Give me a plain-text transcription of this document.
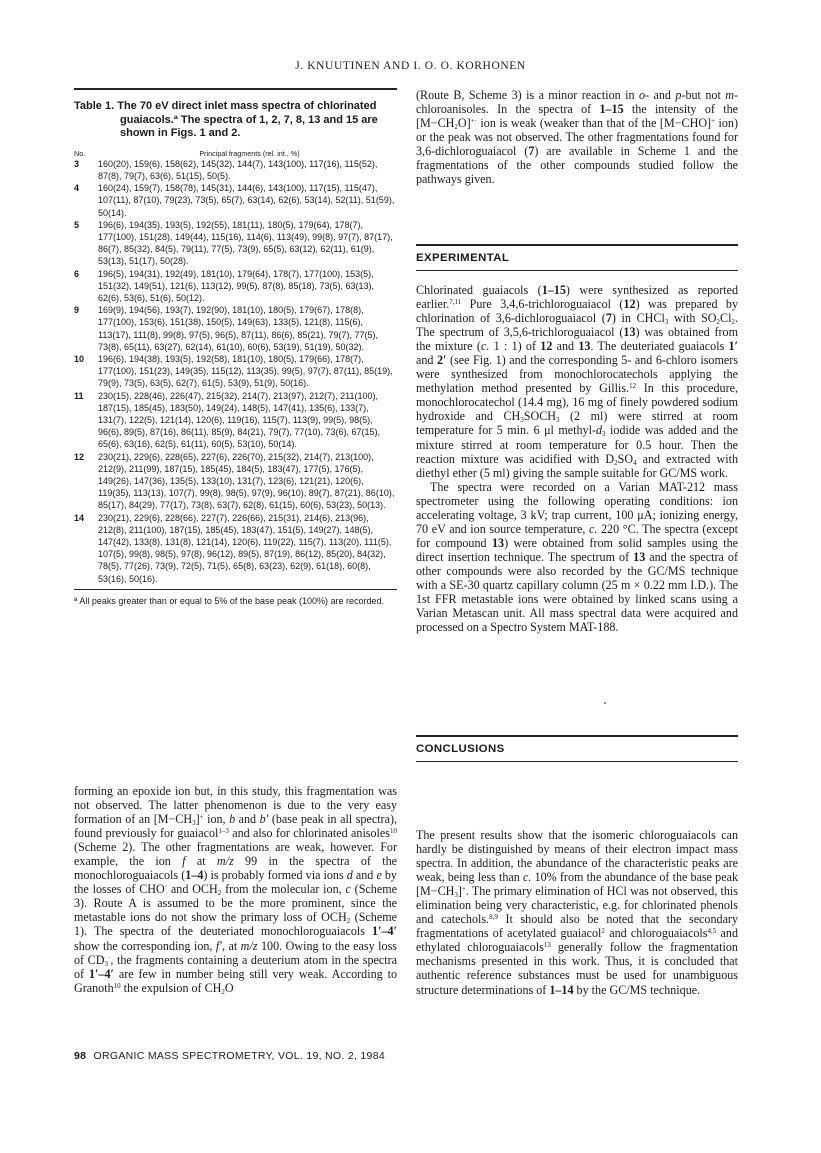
J. KNUUTINEN AND I. O. O. KORHONEN
Table 1. The 70 eV direct inlet mass spectra of chlorinated guaiacols.ª The spectra of 1, 2, 7, 8, 13 and 15 are shown in Figs. 1 and 2.
No.	Principal fragments (rel. int., %)
3	160(20), 159(6), 158(62), 145(32), 144(7), 143(100), 117(16), 115(52), 87(8), 79(7), 63(6), 51(15), 50(5).
4	160(24), 159(7), 158(78), 145(31), 144(6), 143(100), 117(15), 115(47), 107(11), 87(10), 79(23), 73(5), 65(7), 63(14), 62(6), 53(14), 52(11), 51(59), 50(14).
5	196(6), 194(35), 193(5), 192(55), 181(11), 180(5), 179(64), 178(7), 177(100), 151(28), 149(44), 115(16), 114(6), 113(49), 99(8), 97(7), 87(17), 86(7), 85(32), 84(5), 79(11), 77(5), 73(9), 65(5), 63(12), 62(11), 61(9), 53(13), 51(17), 50(28).
6	196(5), 194(31), 192(49), 181(10), 179(64), 178(7), 177(100), 153(5), 151(32), 149(51), 121(6), 113(12), 99(5), 87(8), 85(18), 73(5), 63(13), 62(6), 53(6), 51(6), 50(12).
9	169(9), 194(56), 193(7), 192(90), 181(10), 180(5), 179(67), 178(8), 177(100), 153(6), 151(38), 150(5), 149(63), 133(5), 121(8), 115(6), 113(17), 111(8), 99(8), 97(5), 96(5), 87(11), 86(6), 85(21), 79(7), 77(5), 73(8), 65(11), 63(27), 62(14), 61(10), 60(6), 53(19), 51(19), 50(32).
10	196(6), 194(38), 193(5), 192(58), 181(10), 180(5), 179(66), 178(7), 177(100), 151(23), 149(35), 115(12), 113(35), 99(5), 97(7), 87(11), 85(19), 79(9), 73(5), 63(5), 62(7), 61(5), 53(9), 51(9), 50(16).
11	230(15), 228(46), 226(47), 215(32), 214(7), 213(97), 212(7), 211(100), 187(15), 185(45), 183(50), 149(24), 148(5), 147(41), 135(6), 133(7), 131(7), 122(5), 121(14), 120(6), 119(16), 115(7), 113(9), 99(5), 98(5), 96(6), 89(5), 87(16), 86(11), 85(9), 84(21), 79(7), 77(10), 73(6), 67(15), 65(6), 63(16), 62(5), 61(11), 60(5), 53(10), 50(14).
12	230(21), 229(6), 228(65), 227(6), 226(70), 215(32), 214(7), 213(100), 212(9), 211(99), 187(15), 185(45), 184(5), 183(47), 177(5), 176(5), 149(26), 147(36), 135(5), 133(10), 131(7), 123(6), 121(21), 120(6), 119(35), 113(13), 107(7), 99(8), 98(5), 97(9), 96(10), 89(7), 87(21), 86(10), 85(17), 84(29), 77(17), 73(8), 63(7), 62(8), 61(15), 60(6), 53(23), 50(13).
14	230(21), 229(6), 228(66), 227(7), 226(66), 215(31), 214(6), 213(96), 212(8), 211(100), 187(15), 185(45), 183(47), 151(5), 149(27), 148(5), 147(42), 133(8), 131(8), 121(14), 120(6), 119(22), 115(7), 113(20), 111(5), 107(5), 99(8), 98(5), 97(8), 96(12), 89(5), 87(19), 86(12), 85(20), 84(32), 78(5), 77(26), 73(9), 72(5), 71(5), 65(8), 63(23), 62(9), 61(18), 60(8), 53(16), 50(16).
ª All peaks greater than or equal to 5% of the base peak (100%) are recorded.

(Route B, Scheme 3) is a minor reaction in o- and p-but not m-chloroanisoles. In the spectra of 1–15 the intensity of the $[M-CH_2O]^{+\cdot}$ ion is weak (weaker than that of the [M−CHO]+ ion) or the peak was not observed. The other fragmentations found for 3,6-dichloroguaiacol (7) are available in Scheme 1 and the fragmentations of the other compounds studied follow the pathways given.

EXPERIMENTAL

Chlorinated guaiacols (1–15) were synthesized as reported earlier.$^{7,11}$ Pure 3,4,6-trichloroguaiacol (12) was prepared by chlorination of 3,6-dichloroguaiacol (7) in CHCl$_3$ with $SO_2Cl_2$. The spectrum of 3,5,6-trichloroguaiacol (13) was obtained from the mixture (c. 1 : 1) of 12 and 13. The deuteriated guaiacols 1′ and 2′ (see Fig. 1) and the corresponding 5- and 6-chloro isomers were synthesized from monochlorocatechols applying the methylation method presented by Gillis.$^{12}$ In this procedure, monochlorocatechol (14.4 mg), 16 mg of finely powdered sodium hydroxide and $CH_3SOCH_3$ (2 ml) were stirred at room temperature for 5 min. 6 μl methyl-$d_3$ iodide was added and the mixture stirred at room temperature for 0.5 hour. Then the reaction mixture was acidified with $D_2SO_4$ and extracted with diethyl ether (5 ml) giving the sample suitable for GC/MS work.

The spectra were recorded on a Varian MAT-212 mass spectrometer using the following operating conditions: ion accelerating voltage, 3 kV; trap current, 100 μA; ionizing energy, 70 eV and ion source temperature, c. 220 °C. The spectra (except for compound 13) were obtained from solid samples using the direct insertion technique. The spectrum of 13 and the spectra of other compounds were also recorded by the GC/MS technique with a SE-30 quartz capillary column (25 m × 0.22 mm I.D.). The 1st FFR metastable ions were obtained by linked scans using a Varian Metascan unit. All mass spectral data were acquired and processed on a Spectro System MAT-188.

CONCLUSIONS

The present results show that the isomeric chloroguaiacols can hardly be distinguished by means of their electron impact mass spectra. In addition, the abundance of the characteristic peaks are weak, being less than c. 10% from the abundance of the base peak $[M-CH_3]^+$. The primary elimination of HCl was not observed, this elimination being very characteristic, e.g. for chlorinated phenols and catechols.$^{8,9}$ It should also be noted that the secondary fragmentations of acetylated guaiacol$^2$ and chloroguaiacols$^{4,5}$ and ethylated chloroguaiacols$^{13}$ generally follow the fragmentation mechanisms presented in this work. Thus, it is concluded that authentic reference substances must be used for unambiguous structure determinations of 1–14 by the GC/MS technique.

forming an epoxide ion but, in this study, this fragmentation was not observed. The latter phenomenon is due to the very easy formation of an $[M-CH_3]^+$ ion, b and b′ (base peak in all spectra), found previously for guaiacol$^{1-3}$ and also for chlorinated anisoles$^{10}$ (Scheme 2). The other fragmentations are weak, however. For example, the ion f at m/z 99 in the spectra of the monochloroguaiacols (1–4) is probably formed via ions d and e by the losses of CHO· and $OCH_2$ from the molecular ion, c (Scheme 3). Route A is assumed to be the more prominent, since the metastable ions do not show the primary loss of $OCH_2$ (Scheme 1). The spectra of the deuteriated monochloroguaiacols 1′–4′ show the corresponding ion, f′, at m/z 100. Owing to the easy loss of $CD_3^\cdot$, the fragments containing a deuterium atom in the spectra of 1′–4′ are few in number being still very weak. According to Granoth$^{10}$ the expulsion of $CH_2O$

98 ORGANIC MASS SPECTROMETRY, VOL. 19, NO. 2, 1984
